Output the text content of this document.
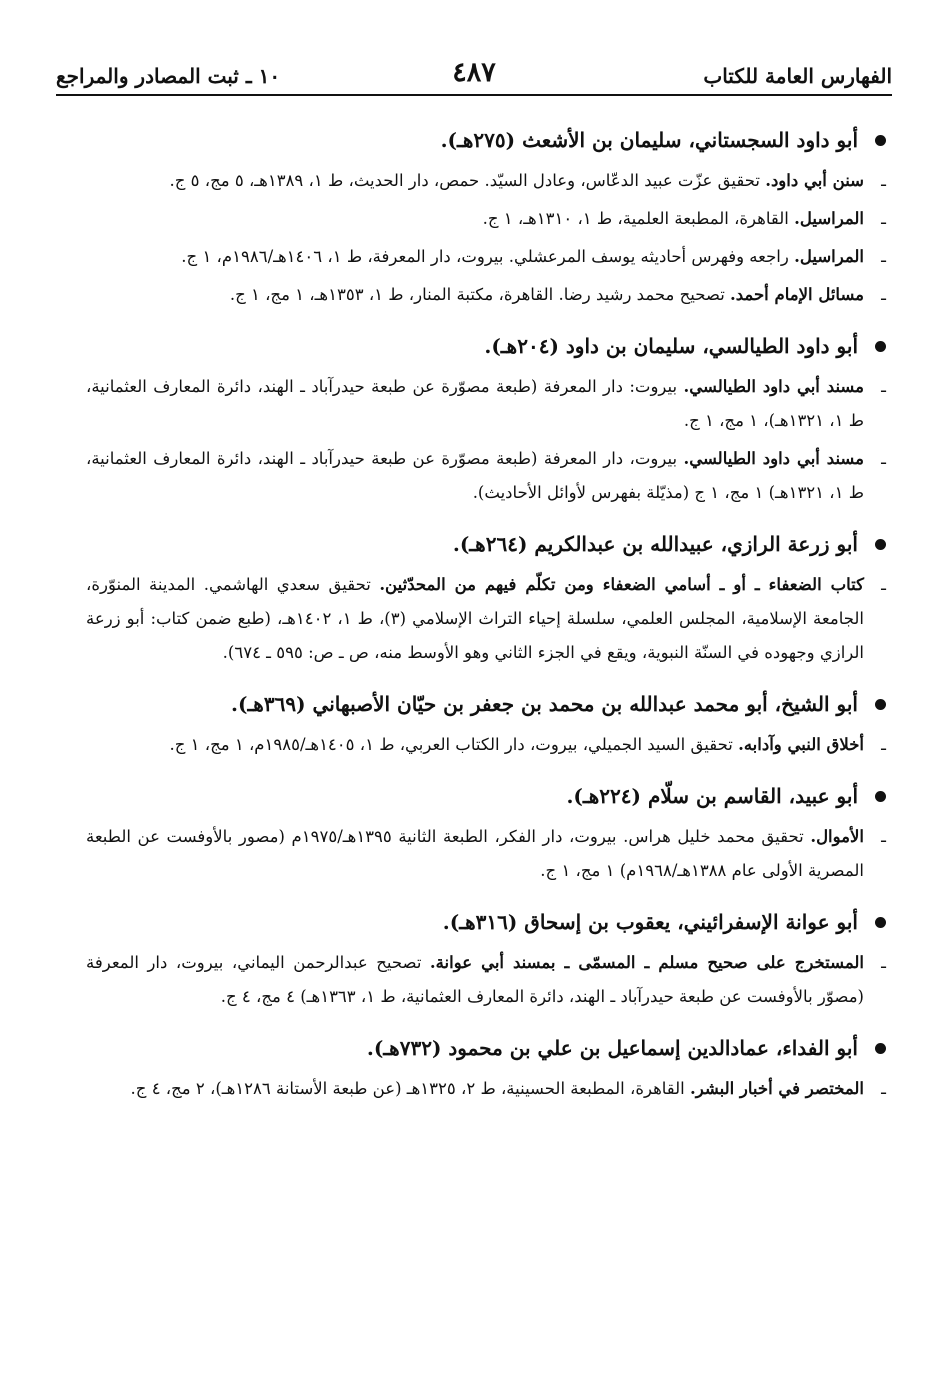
الفهارس العامة للكتاب
٤٨٧
١٠ ـ ثبت المصادر والمراجع

أبو داود السجستاني، سليمان بن الأشعث (٢٧٥هـ).

ـ
سنن أبي داود. تحقيق عزّت عبيد الدعّاس، وعادل السيّد. حمص، دار الحديث، ط ١، ١٣٨٩هـ، ٥ مج، ٥ ج.

ـ
المراسيل. القاهرة، المطبعة العلمية، ط ١، ١٣١٠هـ، ١ ج.

ـ
المراسيل. راجعه وفهرس أحاديثه يوسف المرعشلي. بيروت، دار المعرفة، ط ١، ١٤٠٦هـ/١٩٨٦م، ١ ج.

ـ
مسائل الإمام أحمد. تصحيح محمد رشيد رضا. القاهرة، مكتبة المنار، ط ١، ١٣٥٣هـ، ١ مج، ١ ج.

أبو داود الطيالسي، سليمان بن داود (٢٠٤هـ).

ـ
مسند أبي داود الطيالسي. بيروت: دار المعرفة (طبعة مصوّرة عن طبعة حيدرآباد ـ الهند، دائرة المعارف العثمانية، ط ١، ١٣٢١هـ)، ١ مج، ١ ج.

ـ
مسند أبي داود الطيالسي. بيروت، دار المعرفة (طبعة مصوّرة عن طبعة حيدرآباد ـ الهند، دائرة المعارف العثمانية، ط ١، ١٣٢١هـ) ١ مج، ١ ج (مذيّلة بفهرس لأوائل الأحاديث).

أبو زرعة الرازي، عبيدالله بن عبدالكريم (٢٦٤هـ).

ـ
كتاب الضعفاء ـ أو ـ أسامي الضعفاء ومن تكلّم فيهم من المحدّثين. تحقيق سعدي الهاشمي. المدينة المنوّرة، الجامعة الإسلامية، المجلس العلمي، سلسلة إحياء التراث الإسلامي (٣)، ط ١، ١٤٠٢هـ، (طبع ضمن كتاب: أبو زرعة الرازي وجهوده في السنّة النبوية، ويقع في الجزء الثاني وهو الأوسط منه، ص ـ ص: ٥٩٥ ـ ٦٧٤).

أبو الشيخ، أبو محمد عبدالله بن محمد بن جعفر بن حيّان الأصبهاني (٣٦٩هـ).

ـ
أخلاق النبي وآدابه. تحقيق السيد الجميلي، بيروت، دار الكتاب العربي، ط ١، ١٤٠٥هـ/١٩٨٥م، ١ مج، ١ ج.

أبو عبيد، القاسم بن سلّام (٢٢٤هـ).

ـ
الأموال. تحقيق محمد خليل هراس. بيروت، دار الفكر، الطبعة الثانية ١٣٩٥هـ/١٩٧٥م (مصور بالأوفست عن الطبعة المصرية الأولى عام ١٣٨٨هـ/١٩٦٨م) ١ مج، ١ ج.

أبو عوانة الإسفرائيني، يعقوب بن إسحاق (٣١٦هـ).

ـ
المستخرج على صحيح مسلم ـ المسمّى ـ بمسند أبي عوانة. تصحيح عبدالرحمن اليماني، بيروت، دار المعرفة (مصوّر بالأوفست عن طبعة حيدرآباد ـ الهند، دائرة المعارف العثمانية، ط ١، ١٣٦٣هـ) ٤ مج، ٤ ج.

أبو الفداء، عمادالدين إسماعيل بن علي بن محمود (٧٣٢هـ).

ـ
المختصر في أخبار البشر. القاهرة، المطبعة الحسينية، ط ٢، ١٣٢٥هـ (عن طبعة الأستانة ١٢٨٦هـ)، ٢ مج، ٤ ج.
